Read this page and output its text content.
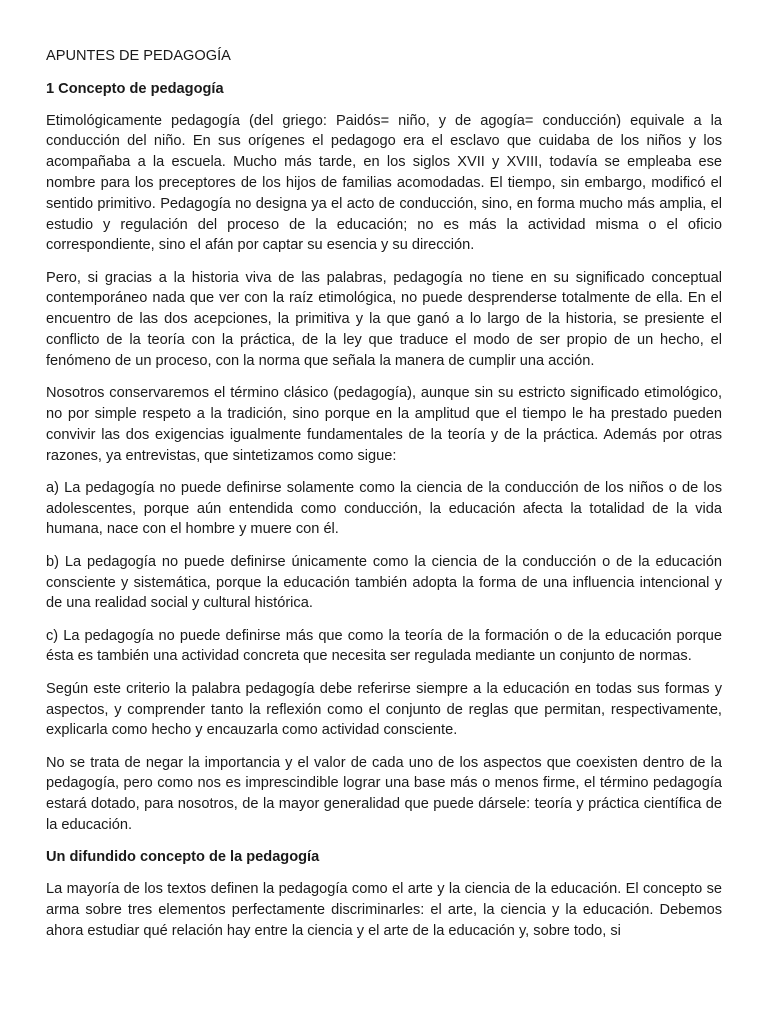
APUNTES DE PEDAGOGÍA

1 Concepto de pedagogía

Etimológicamente pedagogía (del griego: Paidós= niño, y de agogía= conducción) equivale a la conducción del niño. En sus orígenes el pedagogo era el esclavo que cuidaba de los niños y los acompañaba a la escuela. Mucho más tarde, en los siglos XVII y XVIII, todavía se empleaba ese nombre para los preceptores de los hijos de familias acomodadas. El tiempo, sin embargo, modificó el sentido primitivo. Pedagogía no designa ya el acto de conducción, sino, en forma mucho más amplia, el estudio y regulación del proceso de la educación; no es más la actividad misma o el oficio correspondiente, sino el afán por captar su esencia y su dirección.

Pero, si gracias a la historia viva de las palabras, pedagogía no tiene en su significado conceptual contemporáneo nada que ver con la raíz etimológica, no puede desprenderse totalmente de ella. En el encuentro de las dos acepciones, la primitiva y la que ganó a lo largo de la historia, se presiente el conflicto de la teoría con la práctica, de la ley que traduce el modo de ser propio de un hecho, el fenómeno de un proceso, con la norma que señala la manera de cumplir una acción.

Nosotros conservaremos el término clásico (pedagogía), aunque sin su estricto significado etimológico, no por simple respeto a la tradición, sino porque en la amplitud que el tiempo le ha prestado pueden convivir las dos exigencias igualmente fundamentales de la teoría y de la práctica. Además por otras razones, ya entrevistas, que sintetizamos como sigue:

a) La pedagogía no puede definirse solamente como la ciencia de la conducción de los niños o de los adolescentes, porque aún entendida como conducción, la educación afecta la totalidad de la vida humana, nace con el hombre y muere con él.

b) La pedagogía no puede definirse únicamente como la ciencia de la conducción o de la educación consciente y sistemática, porque la educación también adopta la forma de una influencia intencional y de una realidad social y cultural histórica.

c) La pedagogía no puede definirse más que como la teoría de la formación o de la educación porque ésta es también una actividad concreta que necesita ser regulada mediante un conjunto de normas.

Según este criterio la palabra pedagogía debe referirse siempre a la educación en todas sus formas y aspectos, y comprender tanto la reflexión como el conjunto de reglas que permitan, respectivamente, explicarla como hecho y encauzarla como actividad consciente.

No se trata de negar la importancia y el valor de cada uno de los aspectos que coexisten dentro de la pedagogía, pero como nos es imprescindible lograr una base más o menos firme, el término pedagogía estará dotado, para nosotros, de la mayor generalidad que puede dársele: teoría y práctica científica de la educación.

Un difundido concepto de la pedagogía

La mayoría de los textos definen la pedagogía como el arte y la ciencia de la educación. El concepto se arma sobre tres elementos perfectamente discriminarles: el arte, la ciencia y la educación. Debemos ahora estudiar qué relación hay entre la ciencia y el arte de la educación y, sobre todo, si
